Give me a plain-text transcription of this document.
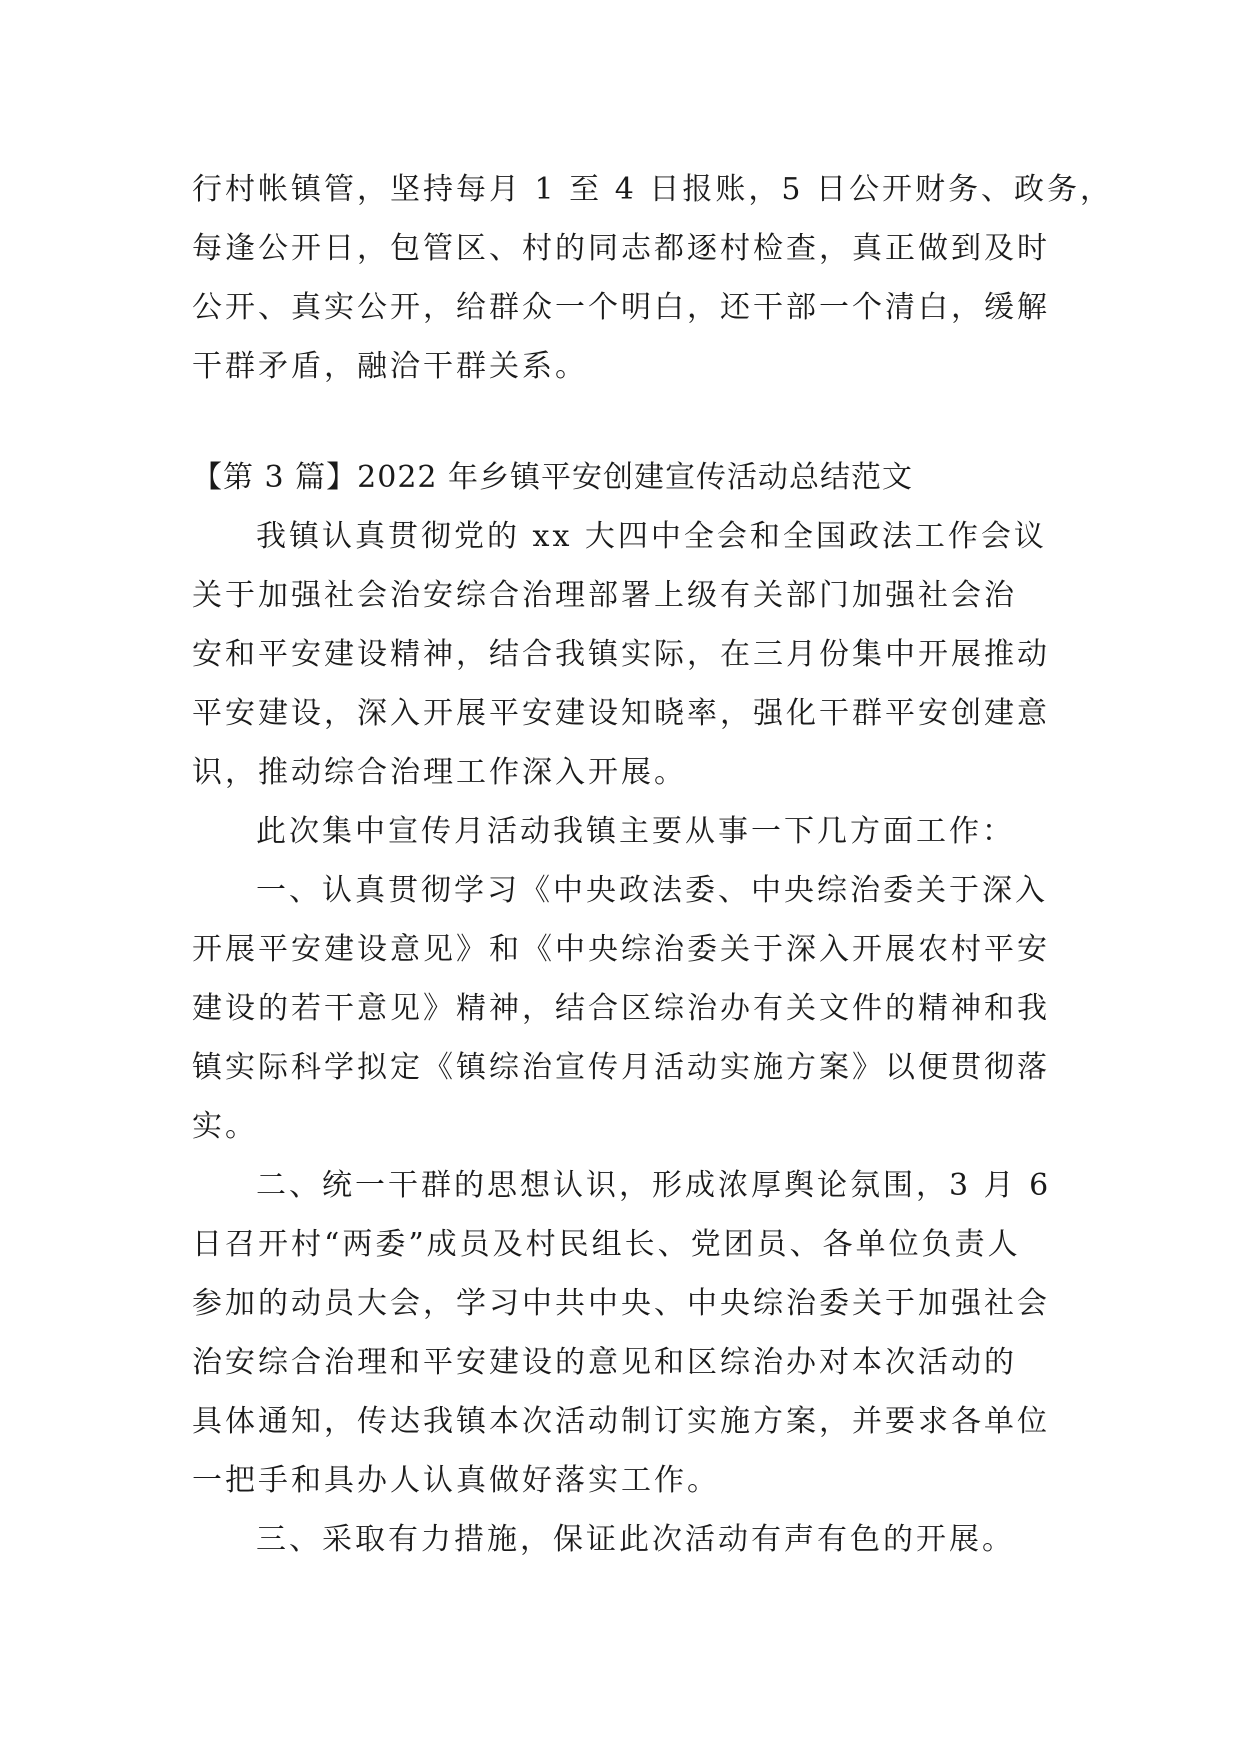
行村帐镇管，坚持每月 1 至 4 日报账，5 日公开财务、政务，
每逢公开日，包管区、村的同志都逐村检查，真正做到及时
公开、真实公开，给群众一个明白，还干部一个清白，缓解
干群矛盾，融洽干群关系。
【第 3 篇】2022 年乡镇平安创建宣传活动总结范文
我镇认真贯彻党的 xx 大四中全会和全国政法工作会议
关于加强社会治安综合治理部署上级有关部门加强社会治
安和平安建设精神，结合我镇实际，在三月份集中开展推动
平安建设，深入开展平安建设知晓率，强化干群平安创建意
识，推动综合治理工作深入开展。
此次集中宣传月活动我镇主要从事一下几方面工作：
一、认真贯彻学习《中央政法委、中央综治委关于深入
开展平安建设意见》和《中央综治委关于深入开展农村平安
建设的若干意见》精神，结合区综治办有关文件的精神和我
镇实际科学拟定《镇综治宣传月活动实施方案》以便贯彻落
实。
二、统一干群的思想认识，形成浓厚舆论氛围，3 月 6
日召开村“两委”成员及村民组长、党团员、各单位负责人
参加的动员大会，学习中共中央、中央综治委关于加强社会
治安综合治理和平安建设的意见和区综治办对本次活动的
具体通知，传达我镇本次活动制订实施方案，并要求各单位
一把手和具办人认真做好落实工作。
三、采取有力措施，保证此次活动有声有色的开展。
